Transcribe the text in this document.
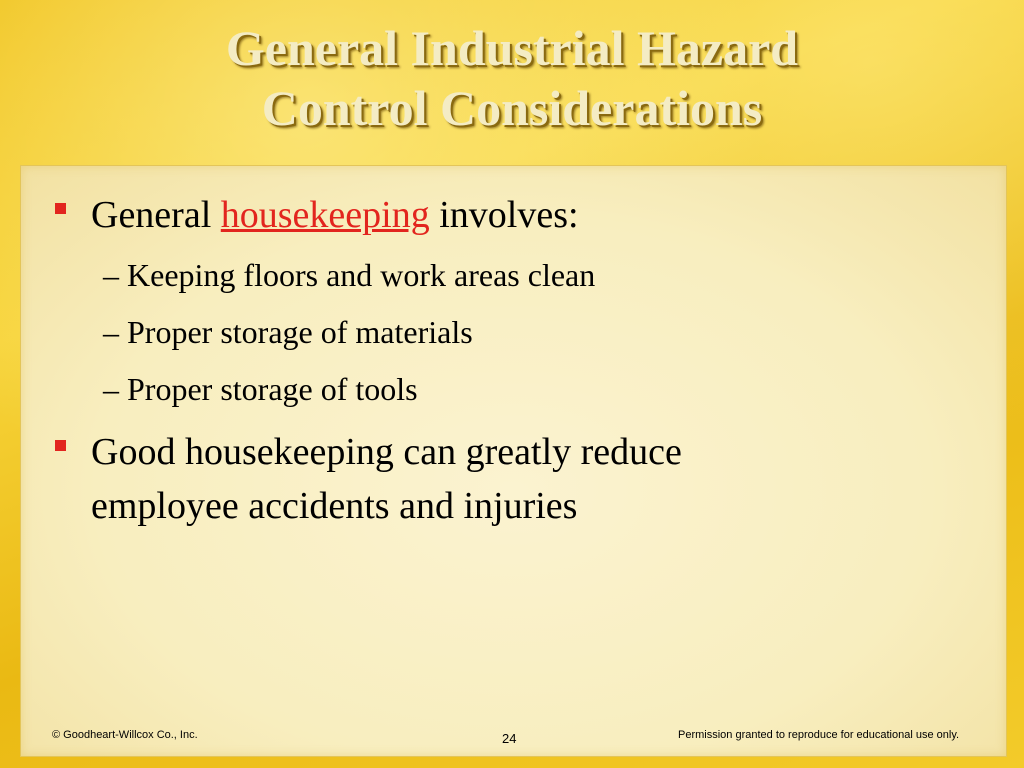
General Industrial Hazard
Control Considerations
General housekeeping involves:
– Keeping floors and work areas clean
– Proper storage of materials
– Proper storage of tools
Good housekeeping can greatly reduce
employee accidents and injuries
© Goodheart-Willcox Co., Inc.	24	Permission granted to reproduce for educational use only.
